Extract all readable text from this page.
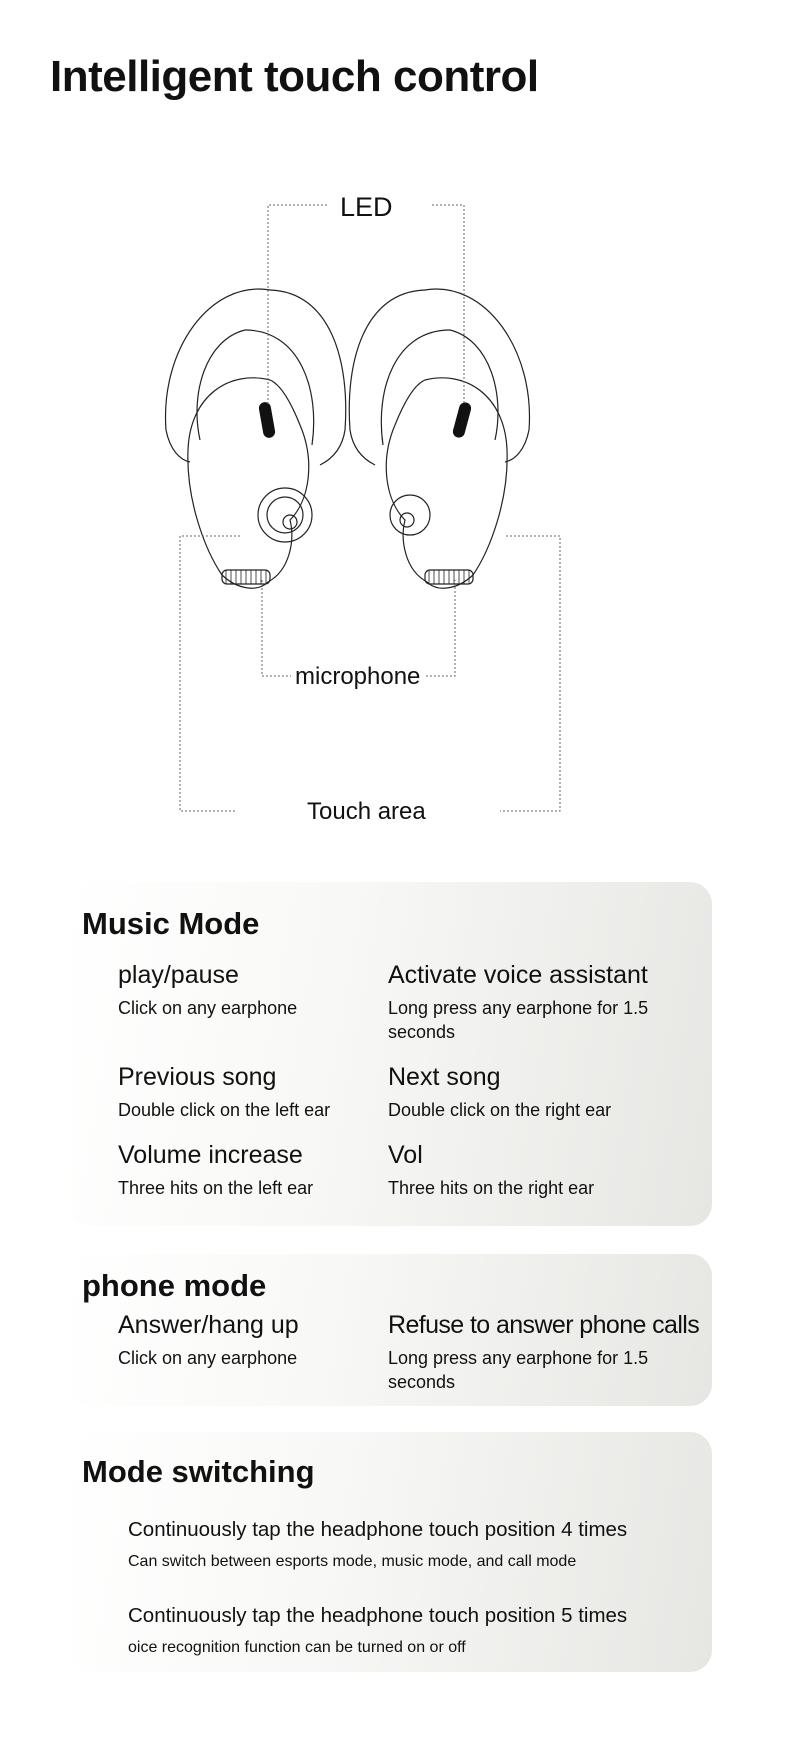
Intelligent touch control
LED
microphone
Touch area
Music Mode
play/pause
Click on any earphone
Activate voice assistant
Long press any earphone for 1.5 seconds
Previous song
Double click on the left ear
Next song
Double click on the right ear
Volume increase
Three hits on the left ear
Vol
Three hits on the right ear
phone mode
Answer/hang up
Click on any earphone
Refuse to answer phone calls
Long press any earphone for 1.5 seconds
Mode switching
Continuously tap the headphone touch position 4 times
Can switch between esports mode, music mode, and call mode
Continuously tap the headphone touch position 5 times
oice recognition function can be turned on or off
